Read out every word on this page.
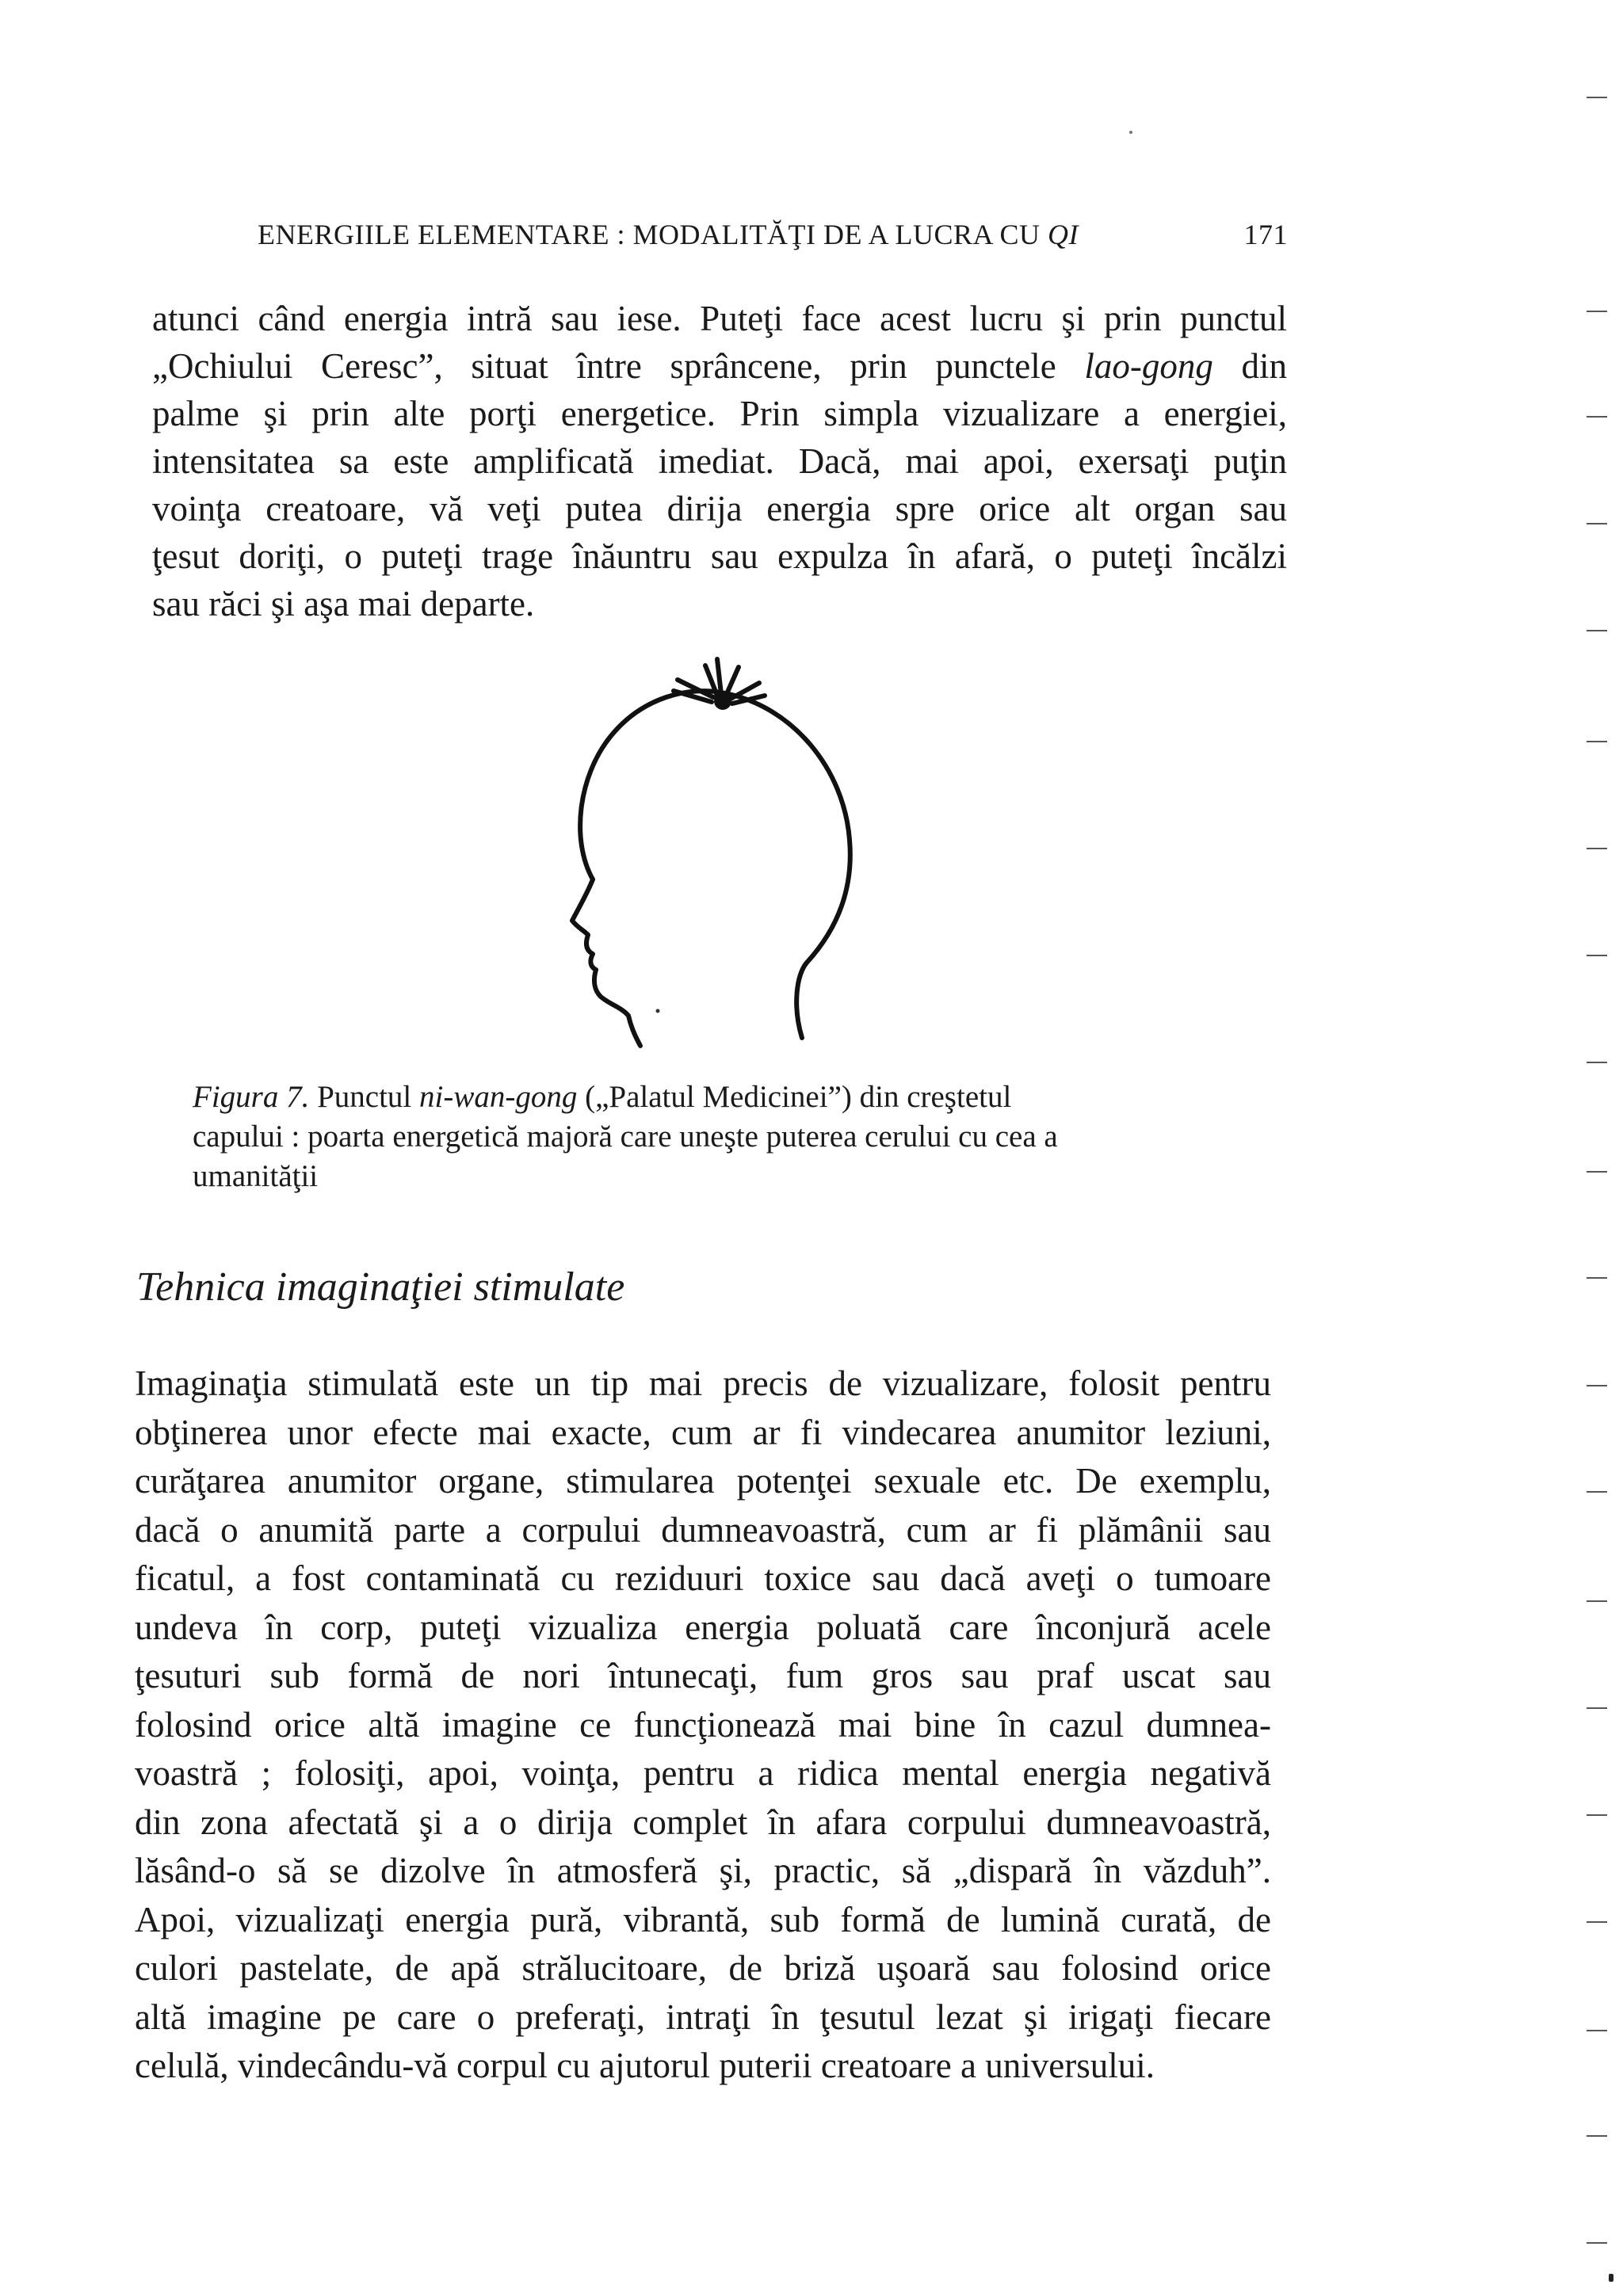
ENERGIILE ELEMENTARE : MODALITĂŢI DE A LUCRA CU QI	171
atunci când energia intră sau iese. Puteţi face acest lucru şi prin punctul
„Ochiului Ceresc”, situat între sprâncene, prin punctele lao-gong din
palme şi prin alte porţi energetice. Prin simpla vizualizare a energiei,
intensitatea sa este amplificată imediat. Dacă, mai apoi, exersaţi puţin
voinţa creatoare, vă veţi putea dirija energia spre orice alt organ sau
ţesut doriţi, o puteţi trage înăuntru sau expulza în afară, o puteţi încălzi
sau răci şi aşa mai departe.
Figura 7. Punctul ni-wan-gong („Palatul Medicinei”) din creştetul
capului : poarta energetică majoră care uneşte puterea cerului cu cea a
umanităţii
Tehnica imaginaţiei stimulate
Imaginaţia stimulată este un tip mai precis de vizualizare, folosit pentru
obţinerea unor efecte mai exacte, cum ar fi vindecarea anumitor leziuni,
curăţarea anumitor organe, stimularea potenţei sexuale etc. De exemplu,
dacă o anumită parte a corpului dumneavoastră, cum ar fi plămânii sau
ficatul, a fost contaminată cu reziduuri toxice sau dacă aveţi o tumoare
undeva în corp, puteţi vizualiza energia poluată care înconjură acele
ţesuturi sub formă de nori întunecaţi, fum gros sau praf uscat sau
folosind orice altă imagine ce funcţionează mai bine în cazul dumnea-
voastră ; folosiţi, apoi, voinţa, pentru a ridica mental energia negativă
din zona afectată şi a o dirija complet în afara corpului dumneavoastră,
lăsând-o să se dizolve în atmosferă şi, practic, să „dispară în văzduh”.
Apoi, vizualizaţi energia pură, vibrantă, sub formă de lumină curată, de
culori pastelate, de apă strălucitoare, de briză uşoară sau folosind orice
altă imagine pe care o preferaţi, intraţi în ţesutul lezat şi irigaţi fiecare
celulă, vindecându-vă corpul cu ajutorul puterii creatoare a universului.
